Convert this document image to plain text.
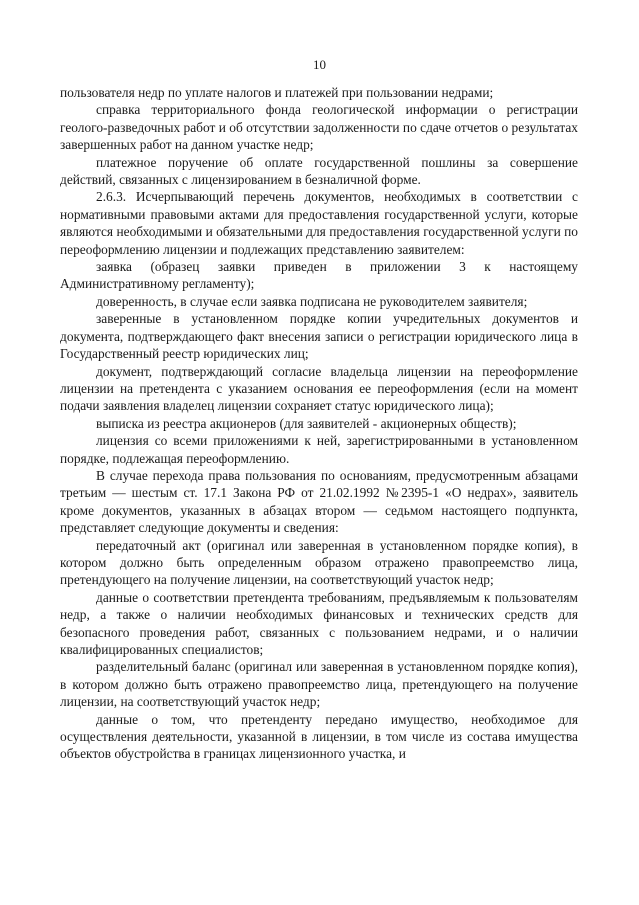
10

пользователя недр по уплате налогов и платежей при пользовании недрами;

справка территориального фонда геологической информации о регистрации геолого-разведочных работ и об отсутствии задолженности по сдаче отчетов о результатах завершенных работ на данном участке недр;

платежное поручение об оплате государственной пошлины за совершение действий, связанных с лицензированием в безналичной форме.

2.6.3. Исчерпывающий перечень документов, необходимых в соответствии с нормативными правовыми актами для предоставления государственной услуги, которые являются необходимыми и обязательными для предоставления государственной услуги по переоформлению лицензии и подлежащих представлению заявителем:

заявка (образец заявки приведен в приложении 3 к настоящему Административному регламенту);

доверенность, в случае если заявка подписана не руководителем заявителя;

заверенные в установленном порядке копии учредительных документов и документа, подтверждающего факт внесения записи о регистрации юридического лица в Государственный реестр юридических лиц;

документ, подтверждающий согласие владельца лицензии на переоформление лицензии на претендента с указанием основания ее переоформления (если на момент подачи заявления владелец лицензии сохраняет статус юридического лица);

выписка из реестра акционеров (для заявителей - акционерных обществ);

лицензия со всеми приложениями к ней, зарегистрированными в установленном порядке, подлежащая переоформлению.

В случае перехода права пользования по основаниям, предусмотренным абзацами третьим — шестым ст. 17.1 Закона РФ от 21.02.1992 №2395-1 «О недрах», заявитель кроме документов, указанных в абзацах втором — седьмом настоящего подпункта, представляет следующие документы и сведения:

передаточный акт (оригинал или заверенная в установленном порядке копия), в котором должно быть определенным образом отражено правопреемство лица, претендующего на получение лицензии, на соответствующий участок недр;

данные о соответствии претендента требованиям, предъявляемым к пользователям недр, а также о наличии необходимых финансовых и технических средств для безопасного проведения работ, связанных с пользованием недрами, и о наличии квалифицированных специалистов;

разделительный баланс (оригинал или заверенная в установленном порядке копия), в котором должно быть отражено правопреемство лица, претендующего на получение лицензии, на соответствующий участок недр;

данные о том, что претенденту передано имущество, необходимое для осуществления деятельности, указанной в лицензии, в том числе из состава имущества объектов обустройства в границах лицензионного участка, и
